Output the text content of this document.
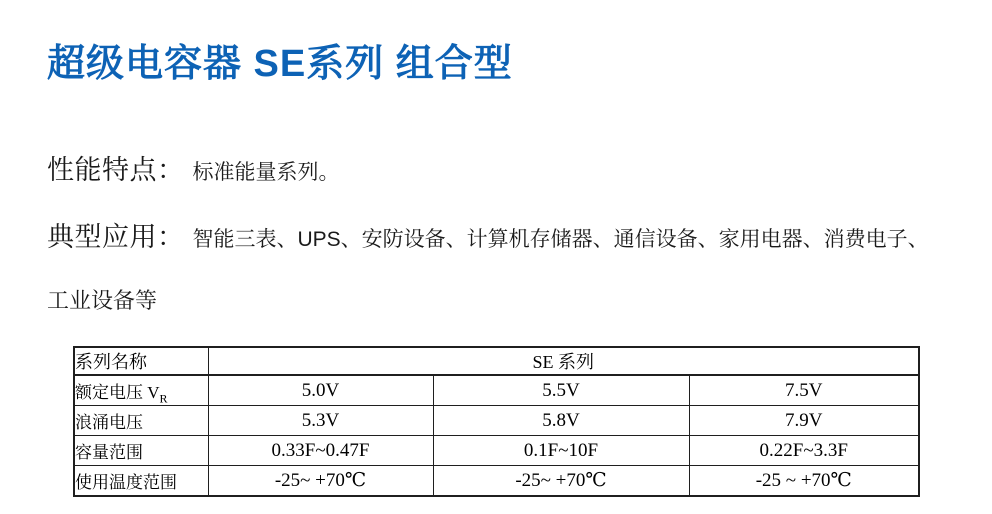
超级电容器 SE系列 组合型
性能特点： 标准能量系列。
典型应用： 智能三表、UPS、安防设备、计算机存储器、通信设备、家用电器、消费电子、
工业设备等
系列名称	SE 系列		
额定电压 $V_R$	5.0V	5.5V	7.5V
浪涌电压	5.3V	5.8V	7.9V
容量范围	0.33F~0.47F	0.1F~10F	0.22F~3.3F
使用温度范围	-25~ +70℃	-25~ +70℃	-25 ~ +70℃
